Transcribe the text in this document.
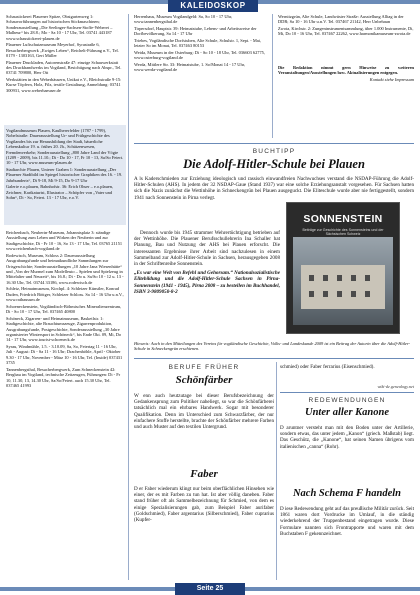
KALEIDOSKOP

Schaustickerei Plauener Spitze, Obstgartenweg 1: Schauvorführungen auf historischen Stickmaschinen; Sonderausstellung „Die Seelinger-Sachsen-Stoffe-Weberei – Malheur“ bis 28.8.; Mo - Sa 10 - 17 Uhr, Tel. 03741 443187 www.schaustickerei-plauen.de

Plauener Luftschutzmuseum Meyerhof, Syrastraße 6, Besucherbergwerk „Ewiges Leben“, Reichelt-Führung n.V., Tel. 0179 - 1303163, Gert Müller

Plauener Druckladen, Autorenstraße 47: einzige Schauwerkstatt des Druckhandwerks im Vogtland, Besichtigung nach Abspr., Tel. 03741 709800, Herr Ott

Werkstätten in den Weberhäusern, Unikat e.V., Bleichstraße 9-15: Kurse Töpfern, Holz, Filz, textile Gestaltung, Anmeldung: 03741 300931, www.weberhaeuser.de

Vogtlandmuseum Plauen, Kaulhererfelder (1787 - 1799), Nobelstraße: Dauerausstellung Ur- und Frühgeschichte des Vogtlandes bis zur Herausbildung der Stadt, bäuerliche Lebenskultur 19. u. frühes 20. Jh., Schützenwesen, Fremdenverkehr; Sonderausstellung „800 Jahre Land der Vögte (1209 - 2009), bis 11.10.; Di - Do 10 - 17, Fr 10 - 13, Sa/So Feiert. 10 - 17 Uhr, www.museum-plauen.de

Stadtarchiv Plauen, Unterer Graben 1: Sonderausstellung „Der Plauener Stadtbild im Spiegel historischer Graphiken des 16. - 19. Jahrhunderts“, Di 9-18, Mi 9-15, Do 9-17 Uhr

Galerie e.o.plauen, Bahnhofstr. 36: Erich Ohser – e.o.plauen, Zeichner, Karikaturist, Illustrator – Schöpfer von „Vater und Sohn“, Di - So, Feiert. 13 - 17 Uhr, e.o.V.

Reichenbach, Neuberin-Museum, Johannisplatz 3: ständige Ausstellung zum Leben und Wirken der Neuberin und zur Stadtgeschichte, Di - Fr 10 - 16, So 13 - 17 Uhr, Tel. 03765 21151 www.reichenbach-vogtland.de

Rodewisch, Museum, Schloss 2: Dauerausstellung Ausgrabungsfunde und heimatkundliche Sammlungen zur Ortsgeschichte; Sonderausstellungen „10 Jahre Jana Wiesenhütte“ und „Von der Murmel zum Modelleuto – Spielen und Spielzeug in Mittelalter und Neuzeit“, bis 16.8.; Di - Do u. Sa/So 10 - 12 u. 13 - 16.30 Uhr, Tel. 03744 33186, www.rodewisch.de

Schleiz, Heimatmuseum, Kirchpl. 4: Schleizer Künstler, Konrad Duden, Friedrich Böttger, Schleizer Schloss. Sa 14 - 16 Uhr u.n.V., www.rathausum.de

Schoeneckenstein, Vogtländisch-Böhmisches Mineralienzentrum, Di - So 10 - 17 Uhr, Tel. 037465 40800

Schöneck, Zigarren- und Heimatmuseum, Basketlstr. 1: Stadtgeschichte, alte Brauchtumszeuge, Zigarrenproduktion, Ausgrabungsfunde, Postgeschichte, Sonderausstellung „30 Jahre organisierter Wintersport in Schöneck“, bis Ende Okt. 09, Mi, Do 14 - 17 Uhr, www.tourist-schoeneck.de

Syrau, Windmühle, 1.5. - 3.10.09, Sa, So, Feiertag 11 - 16 Uhr, Juli - August: Di - Sa 11 - 16 Uhr; Drachenhöhle, April - Oktober 9.30 - 17 Uhr, November - März 10 - 16 Uhr, Tel. (Inside) 037431 3735

Tannenbergsthal, Besucherbergwerk, Zum Schneckenstein 42: Bergbau im Vogtland, technische Zeitzeugen, Führungen: Di - Fr 10, 11.30, 13, 14.30 Uhr, Sa/So/Feiert. auch 15.30 Uhr, Tel. 037465 41993

Herrenhaus, Museum Vogtlandgeld: Sa, So 10 - 17 Uhr, www.tannenbergsthal.de

Tirpersdorf, Hauptstr. 39: Heimatstube, Lebens- und Arbeitsweise der Dorfbevölkerung, Sa 14 - 17 Uhr

Triebes, Vogtländische Dorfstuben, Alte Schule, Schulstr. 1, Sept. - Mai, letzter So im Monat, Tel. 037463 80153

Weida, Museum in der Osterburg: Di - So 10 - 18 Uhr, Tel. 036603 62775, www.osterburg-vogtland.de

Werda, Mittlere Str. 33: Heimatstube, 1. So/Monat 14 - 17 Uhr, www.werda-vogtland.de

Wernitzgrün, Alte Schule, Landwüster Straße: Ausstellung Alltag in der DDR; Sa 10 - 16 Uhr u.n.V. Tel. 037467 21142, Herr Unbehaun

Zwota, Kirchstr. 2: Zungeninstrumentsammlung, über 1.000 Instrumente, Di, Mi, Do 10 - 16 Uhr, Tel. 037467 22262, www.harmonikamuseum-zwota.de

Die Redaktion nimmt gern Hinweise zu weiteren Veranstaltungen/Ausstellungen bzw. Aktualisierungen entgegen.

Kontakt siehe Impressum

BUCHTIPP
Die Adolf-Hitler-Schule bei Plauen

A ls Kaderschmieden zur Erziehung ideologisch und rassisch einwandfreien Nachwuchses verstand die NSDAP-Führung die Adolf-Hitler-Schulen (AHS). In jedem der 32 NSDAP-Gaue (Stand 1937) war eine solche Erziehungsanstalt vorgesehen. Für Sachsen hatten sich die Nazis zunächst die Wettinhöhe in Schneckengrün bei Plauen ausgeguckt. Die Eliteschule wurde aber nie fertiggestellt, sondern 1941 nach Sonnenstein in Pirna verlegt.

Dennoch wurde bis 1945 strammer Wehrertüchtigung betrieben auf der Wettinhöhe. Die Plauener Berufsschullehrerin Ina Schaller hat Planung, Bau und Nutzung der AHS bei Plauen erforscht. Die interessanten Ergebnisse ihrer Arbeit sind nachzulesen in einem Sammelband zur Adolf-Hitler-Schule in Sachsen, herausgegeben 2008 in der Schriftenreihe Sonnenstein.

„Es war eine Welt von Befehl und Gehorsam.“ Nationalsozialistische Elitebildung und die Adolf-Hitler-Schule Sachsen in Pirna-Sonnenstein (1941 - 1945), Pirna 2008 – zu bestellen im Buchhandel, ISBN 3-9809050-8-2

SONNENSTEIN
Beiträge zur Geschichte des Sonnensteins und der Sächsischen Schweiz
Hinweis: Auch in den Mitteilungen des Vereins für vogtländische Geschichte, Volks- und Landeskunde 2009 ist ein Beitrag der Autorin über die Adolf-Hitler-Schule in Schneckengrün erschienen.
BERUFE FRÜHER
Schönfärber

W enn auch heutzutage bei dieser Berufsbezeichnung der Gedankensprung zum Politiker naheliegt, so war die Schönfärberei tatsächlich mal ein ehrbares Handwerk. Sogar mit besonderer Qualifikation. Denn im Unterschied zum Schwarzfärber, der nur einfachere Stoffe herstellte, brachte der Schönfärber mehrere Farben und auch Muster auf den textilen Untergrund.

Faber

D er Faber wiederum klingt nur beim oberflächlichen Hinsehen wie einer, der es mit Farben zu tun hat. Ist aber völlig daneben. Faber stand früher oft als Sammelbezeichnung für Schmied, von dem es einige Spezialisierungen gab, zum Beispiel Faber aurifaber (Goldschmied), Faber argentarius (Silberschmied), Faber cuprarius (Kupfer-

schmied) oder Faber ferrarius (Eisenschmied).

wiki-de.genealogy.net
REDEWENDUNGEN
Unter aller Kanone

D aruntner versteht man mit den Boden unter der Artillerie, sondern etwas, das unter jedem „Kanon“ (griech. Maßstab) liegt. Das Geschütz, die „Kanone“, hat seinen Namen übrigens vom italienischen „canna“ (Rohr).

Nach Schema F handeln

D iese Redewendung geht auf das preußische Militär zurück. Seit 1861 waren dort Vordrucke im Umlauf, in die ständig wiederkehrend der Truppenbestand eingetragen wurde. Diese Formulare nannten sich Frontrapporte und waren mit dem Buchstaben F gekennzeichnet.

Seite 25
